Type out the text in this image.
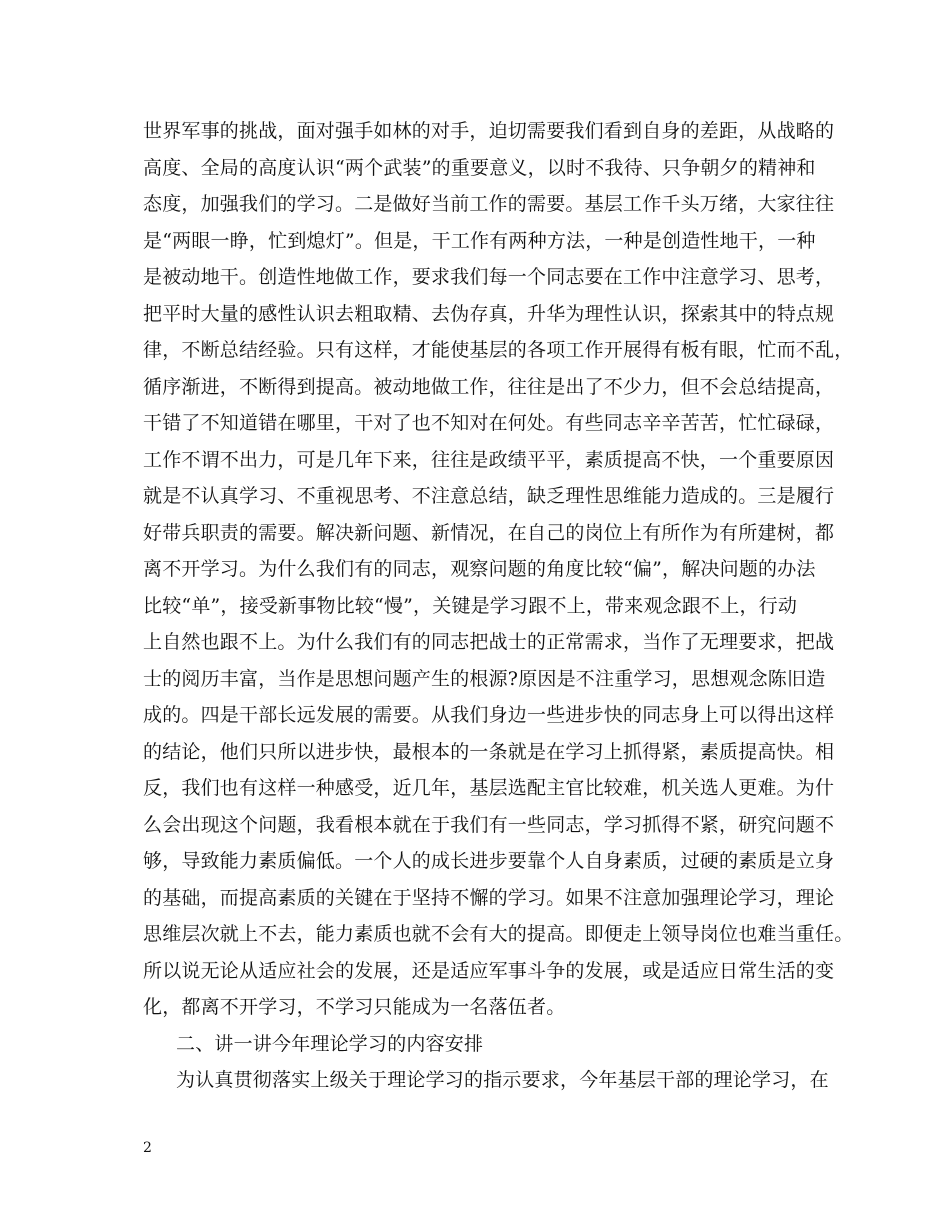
世界军事的挑战，面对强手如林的对手，迫切需要我们看到自身的差距，从战略的
高度、全局的高度认识“两个武装”的重要意义，以时不我待、只争朝夕的精神和
态度，加强我们的学习。二是做好当前工作的需要。基层工作千头万绪，大家往往
是“两眼一睁，忙到熄灯”。但是，干工作有两种方法，一种是创造性地干，一种
是被动地干。创造性地做工作，要求我们每一个同志要在工作中注意学习、思考，
把平时大量的感性认识去粗取精、去伪存真，升华为理性认识，探索其中的特点规
律，不断总结经验。只有这样，才能使基层的各项工作开展得有板有眼，忙而不乱，
循序渐进，不断得到提高。被动地做工作，往往是出了不少力，但不会总结提高，
干错了不知道错在哪里，干对了也不知对在何处。有些同志辛辛苦苦，忙忙碌碌，
工作不谓不出力，可是几年下来，往往是政绩平平，素质提高不快，一个重要原因
就是不认真学习、不重视思考、不注意总结，缺乏理性思维能力造成的。三是履行
好带兵职责的需要。解决新问题、新情况，在自己的岗位上有所作为有所建树，都
离不开学习。为什么我们有的同志，观察问题的角度比较“偏”，解决问题的办法
比较“单”，接受新事物比较“慢”，关键是学习跟不上，带来观念跟不上，行动
上自然也跟不上。为什么我们有的同志把战士的正常需求，当作了无理要求，把战
士的阅历丰富，当作是思想问题产生的根源?原因是不注重学习，思想观念陈旧造
成的。四是干部长远发展的需要。从我们身边一些进步快的同志身上可以得出这样
的结论，他们只所以进步快，最根本的一条就是在学习上抓得紧，素质提高快。相
反，我们也有这样一种感受，近几年，基层选配主官比较难，机关选人更难。为什
么会出现这个问题，我看根本就在于我们有一些同志，学习抓得不紧，研究问题不
够，导致能力素质偏低。一个人的成长进步要靠个人自身素质，过硬的素质是立身
的基础，而提高素质的关键在于坚持不懈的学习。如果不注意加强理论学习，理论
思维层次就上不去，能力素质也就不会有大的提高。即便走上领导岗位也难当重任。
所以说无论从适应社会的发展，还是适应军事斗争的发展，或是适应日常生活的变
化，都离不开学习，不学习只能成为一名落伍者。
二、讲一讲今年理论学习的内容安排
为认真贯彻落实上级关于理论学习的指示要求，今年基层干部的理论学习，在
2
